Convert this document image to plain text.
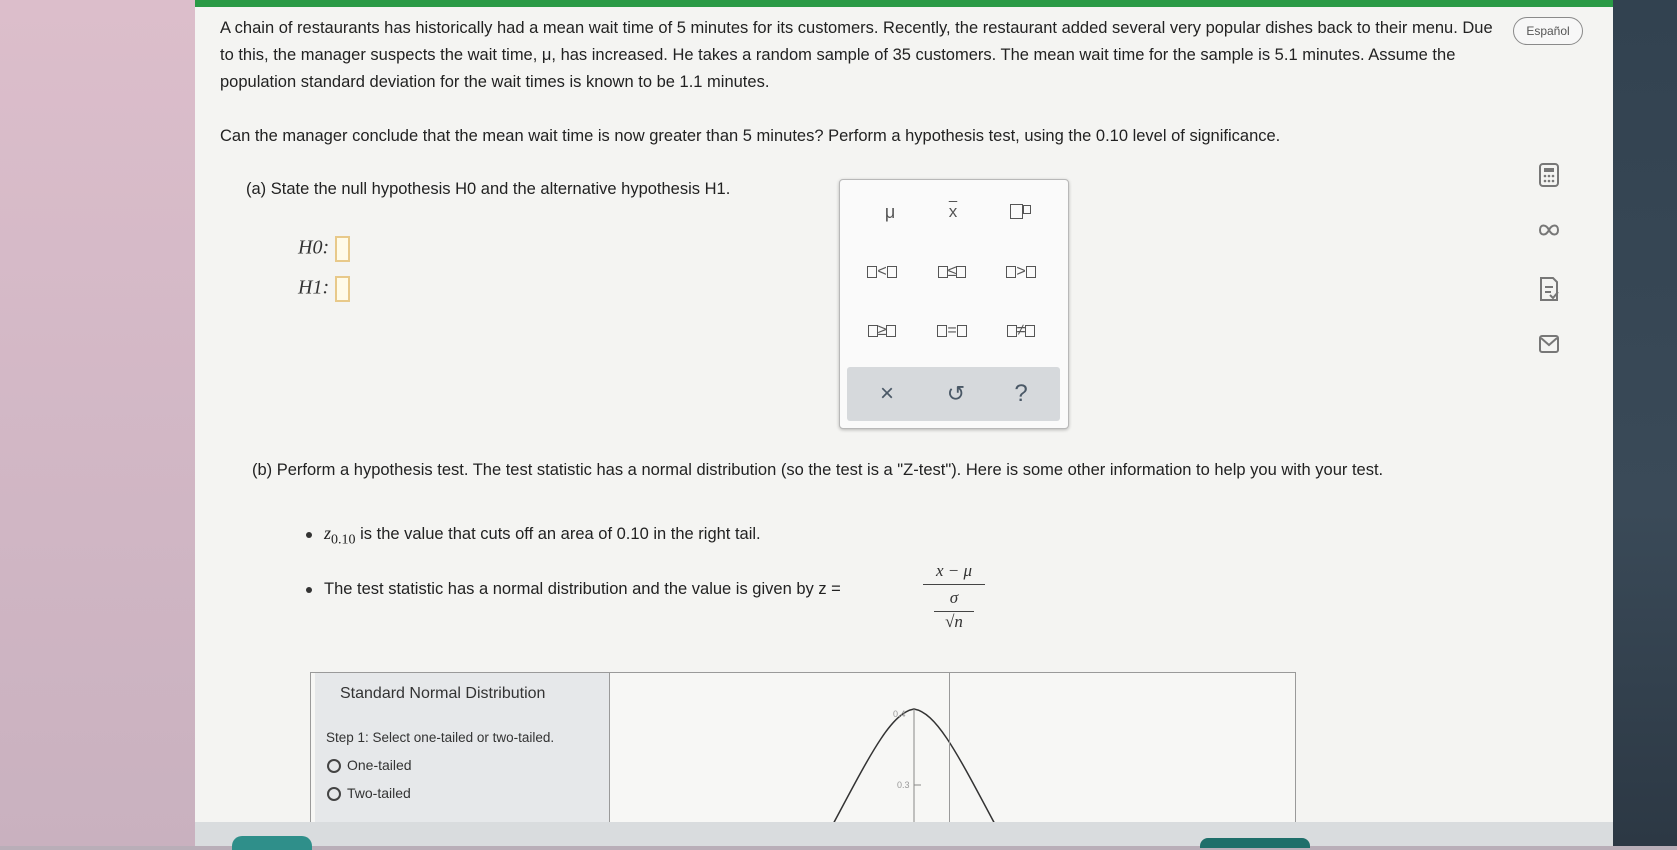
A chain of restaurants has historically had a mean wait time of 5 minutes for its customers. Recently, the restaurant added several very popular dishes back to their menu. Due to this, the manager suspects the wait time, μ, has increased. He takes a random sample of 35 customers. The mean wait time for the sample is 5.1 minutes. Assume the population standard deviation for the wait times is known to be 1.1 minutes.
Can the manager conclude that the mean wait time is now greater than 5 minutes? Perform a hypothesis test, using the 0.10 level of significance.
Español
(a) State the null hypothesis H0 and the alternative hypothesis H1.
H0:
H1:
μ	$\overline{x}$
<	≤	>
≥	=	≠
×	↺	?
(b) Perform a hypothesis test. The test statistic has a normal distribution (so the test is a "Z-test"). Here is some other information to help you with your test.
$z_{0.10}$ is the value that cuts off an area of 0.10 in the right tail.
The test statistic has a normal distribution and the value is given by z =
x − μ
σ
√n
Standard Normal Distribution
Step 1: Select one-tailed or two-tailed.
One-tailed
Two-tailed
0.4
0.3
